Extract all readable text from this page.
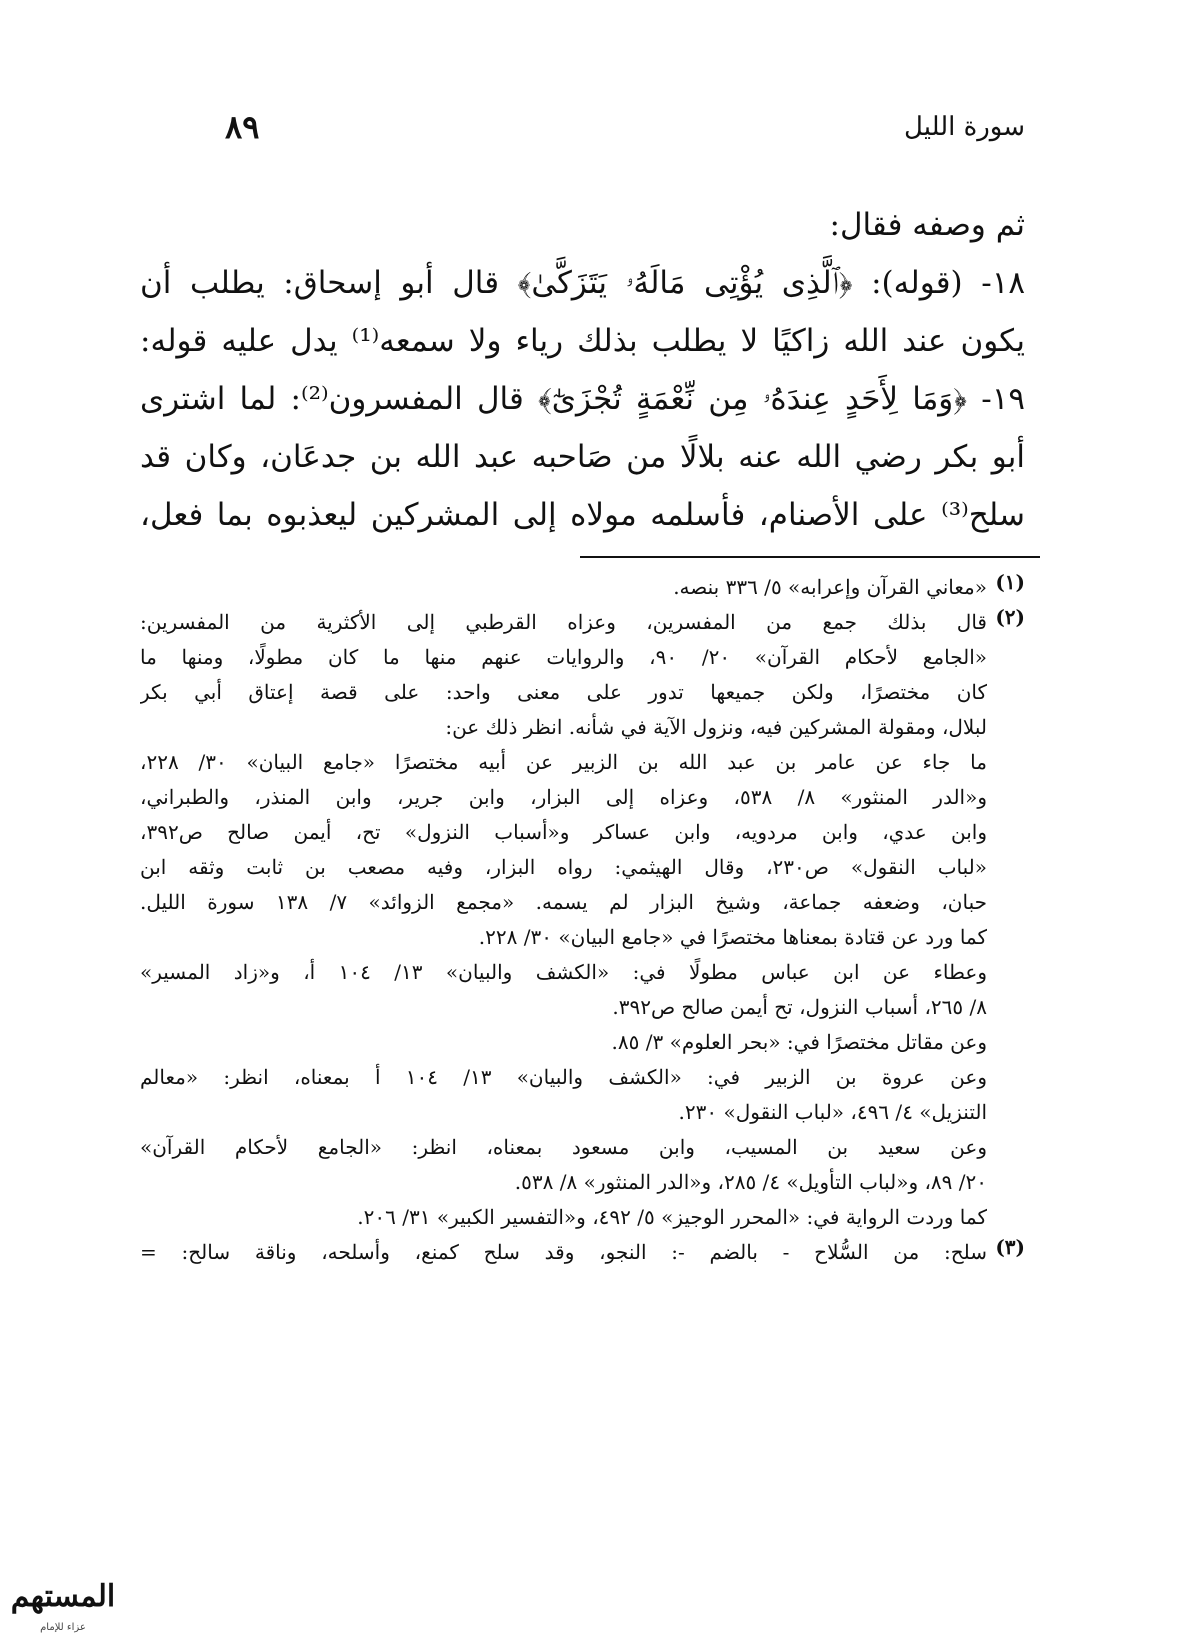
سورة الليل
٨٩
ثم وصفه فقال:
١٨- (قوله): ﴿ٱلَّذِى يُؤْتِى مَالَهُۥ يَتَزَكَّىٰ﴾ قال أبو إسحاق: يطلب أن
يكون عند الله زاكيًا لا يطلب بذلك رياء ولا سمعه⁽¹⁾ يدل عليه قوله:
١٩- ﴿وَمَا لِأَحَدٍ عِندَهُۥ مِن نِّعْمَةٍ تُجْزَىٰٓ﴾ قال المفسرون⁽²⁾: لما اشترى
أبو بكر رضي الله عنه بلالًا من صَاحبه عبد الله بن جدعَان، وكان قد
سلح⁽³⁾ على الأصنام، فأسلمه مولاه إلى المشركين ليعذبوه بما فعل،
(١)
«معاني القرآن وإعرابه» ٥/ ٣٣٦ بنصه.
(٢)
قال بذلك جمع من المفسرين، وعزاه القرطبي إلى الأكثرية من المفسرين:
«الجامع لأحكام القرآن» ٢٠/ ٩٠، والروايات عنهم منها ما كان مطولًا، ومنها ما
كان مختصرًا، ولكن جميعها تدور على معنى واحد: على قصة إعتاق أبي بكر
لبلال، ومقولة المشركين فيه، ونزول الآية في شأنه. انظر ذلك عن:
ما جاء عن عامر بن عبد الله بن الزبير عن أبيه مختصرًا «جامع البيان» ٣٠/ ٢٢٨،
و«الدر المنثور» ٨/ ٥٣٨، وعزاه إلى البزار، وابن جرير، وابن المنذر، والطبراني،
وابن عدي، وابن مردويه، وابن عساكر و«أسباب النزول» تح، أيمن صالح ص٣٩٢،
«لباب النقول» ص٢٣٠، وقال الهيثمي: رواه البزار، وفيه مصعب بن ثابت وثقه ابن
حبان، وضعفه جماعة، وشيخ البزار لم يسمه. «مجمع الزوائد» ٧/ ١٣٨ سورة الليل.
كما ورد عن قتادة بمعناها مختصرًا في «جامع البيان» ٣٠/ ٢٢٨.
وعطاء عن ابن عباس مطولًا في: «الكشف والبيان» ١٣/ ١٠٤ أ، و«زاد المسير»
٨/ ٢٦٥، أسباب النزول، تح أيمن صالح ص٣٩٢.
وعن مقاتل مختصرًا في: «بحر العلوم» ٣/ ٨٥.
وعن عروة بن الزبير في: «الكشف والبيان» ١٣/ ١٠٤ أ بمعناه، انظر: «معالم
التنزيل» ٤/ ٤٩٦، «لباب النقول» ٢٣٠.
وعن سعيد بن المسيب، وابن مسعود بمعناه، انظر: «الجامع لأحكام القرآن»
٢٠/ ٨٩، و«لباب التأويل» ٤/ ٢٨٥، و«الدر المنثور» ٨/ ٥٣٨.
كما وردت الرواية في: «المحرر الوجيز» ٥/ ٤٩٢، و«التفسير الكبير» ٣١/ ٢٠٦.
(٣)
سلح: من السُّلاح - بالضم -: النجو، وقد سلح كمنع، وأسلحه، وناقة سالح: =
المستهم
عزاء للإمام
